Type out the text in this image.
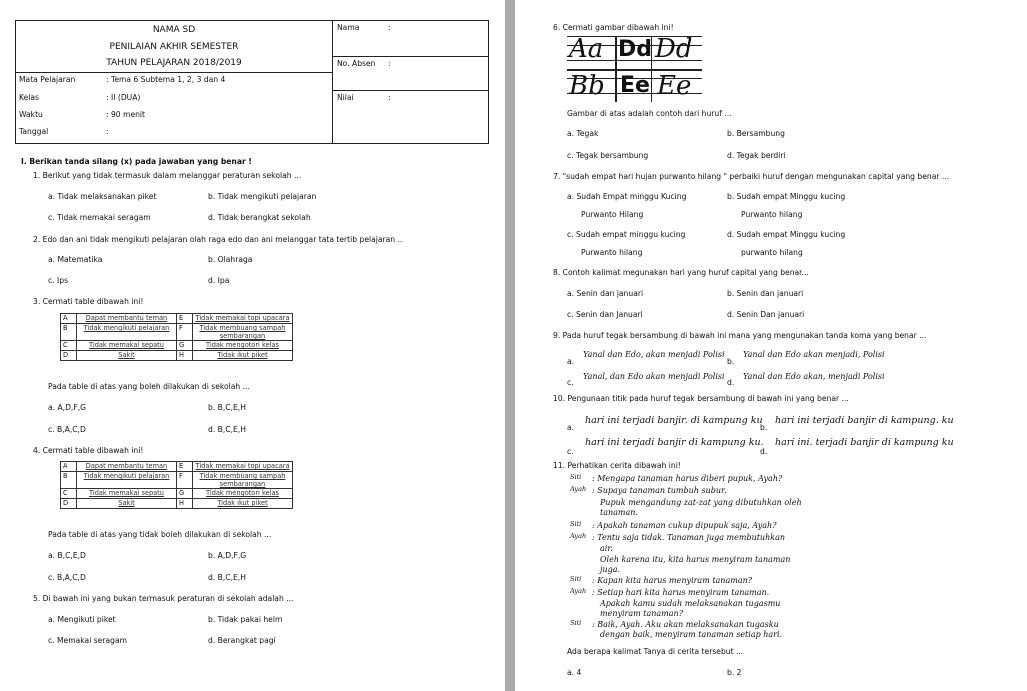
NAMA SD
PENILAIAN AKHIR SEMESTER
TAHUN PELAJARAN 2018/2019
Mata Pelajaran	: Tema 6 Subtema 1, 2, 3 dan 4
Kelas	: II (DUA)
Waktu	: 90 menit
Tanggal	:
Nama	:
No. Absen :
Nilai	:
I. Berikan tanda silang (x) pada jawaban yang benar !
1. Berikut yang tidak termasuk dalam melanggar peraturan sekolah ...
a. Tidak melaksanakan piket	b. Tidak mengikuti pelajaran
c. Tidak memakai seragam	d. Tidak berangkat sekolah
2. Edo dan ani tidak mengikuti pelajaran olah raga edo dan ani melanggar tata tertib pelajaran ..
a. Matematika	b. Olahraga
c. Ips	d. Ipa
3. Cermati table dibawah ini!
A	Dapat membantu teman	E	Tidak memakai topi upacara
B	Tidak mengikuti pelajaran	F	Tidak membuang sampah sembarangan
C	Tidak memakai sepatu	G	Tidak mengotori kelas
D	Sakit	H	Tidak ikut piket
Pada table di atas yang boleh dilakukan di sekolah ...
a. A,D,F,G	b. B,C,E,H
c. B,A,C,D	d. B,C,E,H
4. Cermati table dibawah ini!
A	Dapat membantu teman	E	Tidak memakai topi upacara
B	Tidak mengikuti pelajaran	F	Tidak membuang sampah sembarangan
C	Tidak memakai sepatu	G	Tidak mengotori kelas
D	Sakit	H	Tidak ikut piket
Pada table di atas yang tidak boleh dilakukan di sekolah ...
a. B,C,E,D	b. A,D,F,G
c. B,A,C,D	d. B,C,E,H
5. Di bawah ini yang bukan termasuk peraturan di sekolah adalah ...
a. Mengikuti piket	b. Tidak pakai helm
c. Memakai seragam	d. Berangkat pagi
6. Cermati gambar dibawah ini!
Aa Dd Dd
Bb Ee Ee
Gambar di atas adalah contoh dari huruf ...
a. Tegak	b. Bersambung
c. Tegak bersambung	d. Tegak berdiri
7. "sudah empat hari hujan purwanto hilang " perbaiki huruf dengan mengunakan capital yang benar ...
a. Sudah Empat minggu Kucing
Purwanto Hilang
b. Sudah empat Minggu kucing
Purwanto hilang
c. Sudah empat minggu kucing
Purwanto hilang
d. Sudah empat Minggu kucing
purwanto hilang
8. Contoh kalimat megunakan hari yang huruf capital yang benar...
a. Senin dan januari	b. Senin dan januari
c. Senin dan Januari	d. Senin Dan januari
9. Pada huruf tegak bersambung di bawah ini mana yang mengunakan tanda koma yang benar ...
a.
Yanal dan Edo, akan menjadi Polisi
b.
Yanal dan Edo akan menjadi, Polisi
c.
Yanal, dan Edo akan menjadi Polisi
d.
Yanal dan Edo akan, menjadi Polisi
10. Pengunaan titik pada huruf tegak bersambung di bawah ini yang benar ...
a.
hari ini terjadi banjir. di kampung ku
b.
hari ini terjadi banjir di kampung. ku
c.
hari ini terjadi banjir di kampung ku.
d.
hari ini. terjadi banjir di kampung ku
11. Perhatikan cerita dibawah ini!
Siti : Mengapa tanaman harus diberi pupuk, Ayah?
Ayah : Supaya tanaman tumbuh subur.
Pupuk mengandung zat-zat yang dibutuhkan oleh
tanaman.
Siti : Apakah tanaman cukup dipupuk saja, Ayah?
Ayah : Tentu saja tidak. Tanaman juga membutuhkan
air.
Oleh karena itu, kita harus menyiram tanaman
juga.
Siti : Kapan kita harus menyiram tanaman?
Ayah : Setiap hari kita harus menyiram tanaman.
Apakah kamu sudah melaksanakan tugasmu
menyiram tanaman?
Siti : Baik, Ayah. Aku akan melaksanakan tugasku
dengan baik, menyiram tanaman setiap hari.
Ada berapa kalimat Tanya di cerita tersebut ...
a. 4	b. 2
